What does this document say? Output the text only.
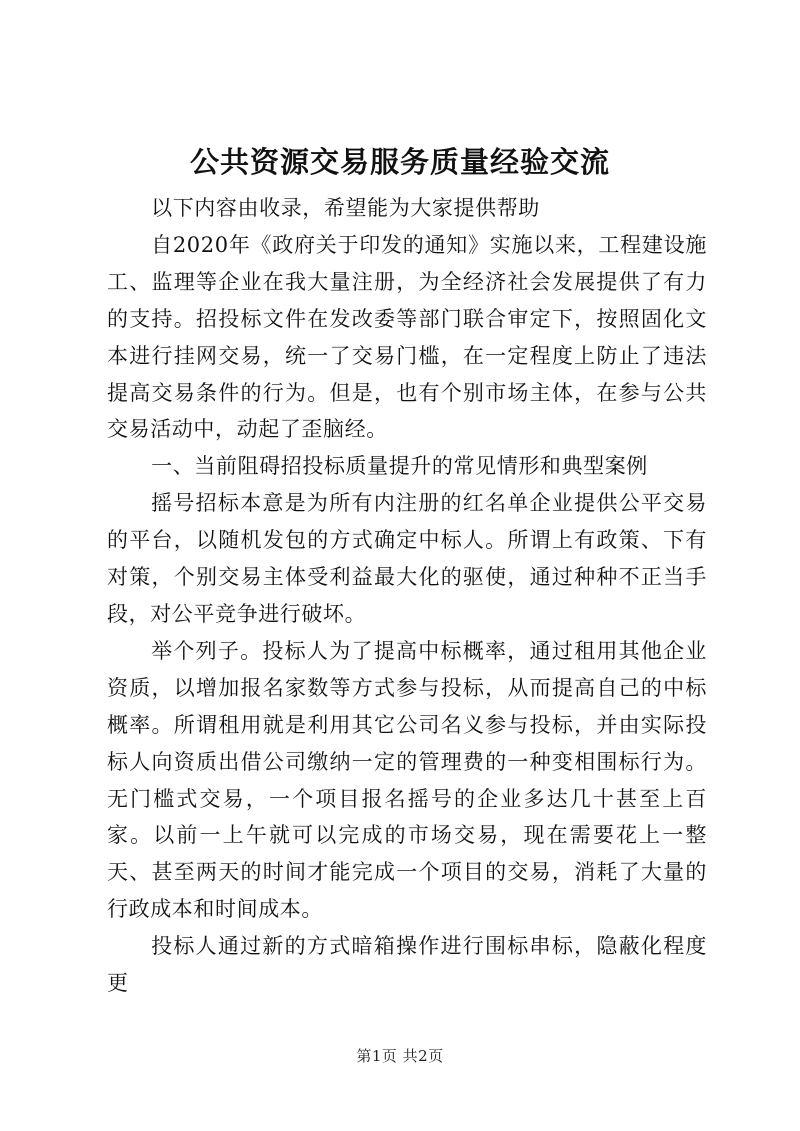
公共资源交易服务质量经验交流

以下内容由收录，希望能为大家提供帮助

自2020年《政府关于印发的通知》实施以来，工程建设施工、监理等企业在我大量注册，为全经济社会发展提供了有力的支持。招投标文件在发改委等部门联合审定下，按照固化文本进行挂网交易，统一了交易门槛，在一定程度上防止了违法提高交易条件的行为。但是，也有个别市场主体，在参与公共交易活动中，动起了歪脑经。

一、当前阻碍招投标质量提升的常见情形和典型案例

摇号招标本意是为所有内注册的红名单企业提供公平交易的平台，以随机发包的方式确定中标人。所谓上有政策、下有对策，个别交易主体受利益最大化的驱使，通过种种不正当手段，对公平竞争进行破坏。

举个列子。投标人为了提高中标概率，通过租用其他企业资质，以增加报名家数等方式参与投标，从而提高自己的中标概率。所谓租用就是利用其它公司名义参与投标，并由实际投标人向资质出借公司缴纳一定的管理费的一种变相围标行为。无门槛式交易，一个项目报名摇号的企业多达几十甚至上百家。以前一上午就可以完成的市场交易，现在需要花上一整天、甚至两天的时间才能完成一个项目的交易，消耗了大量的行政成本和时间成本。

投标人通过新的方式暗箱操作进行围标串标，隐蔽化程度更

第1页 共2页
